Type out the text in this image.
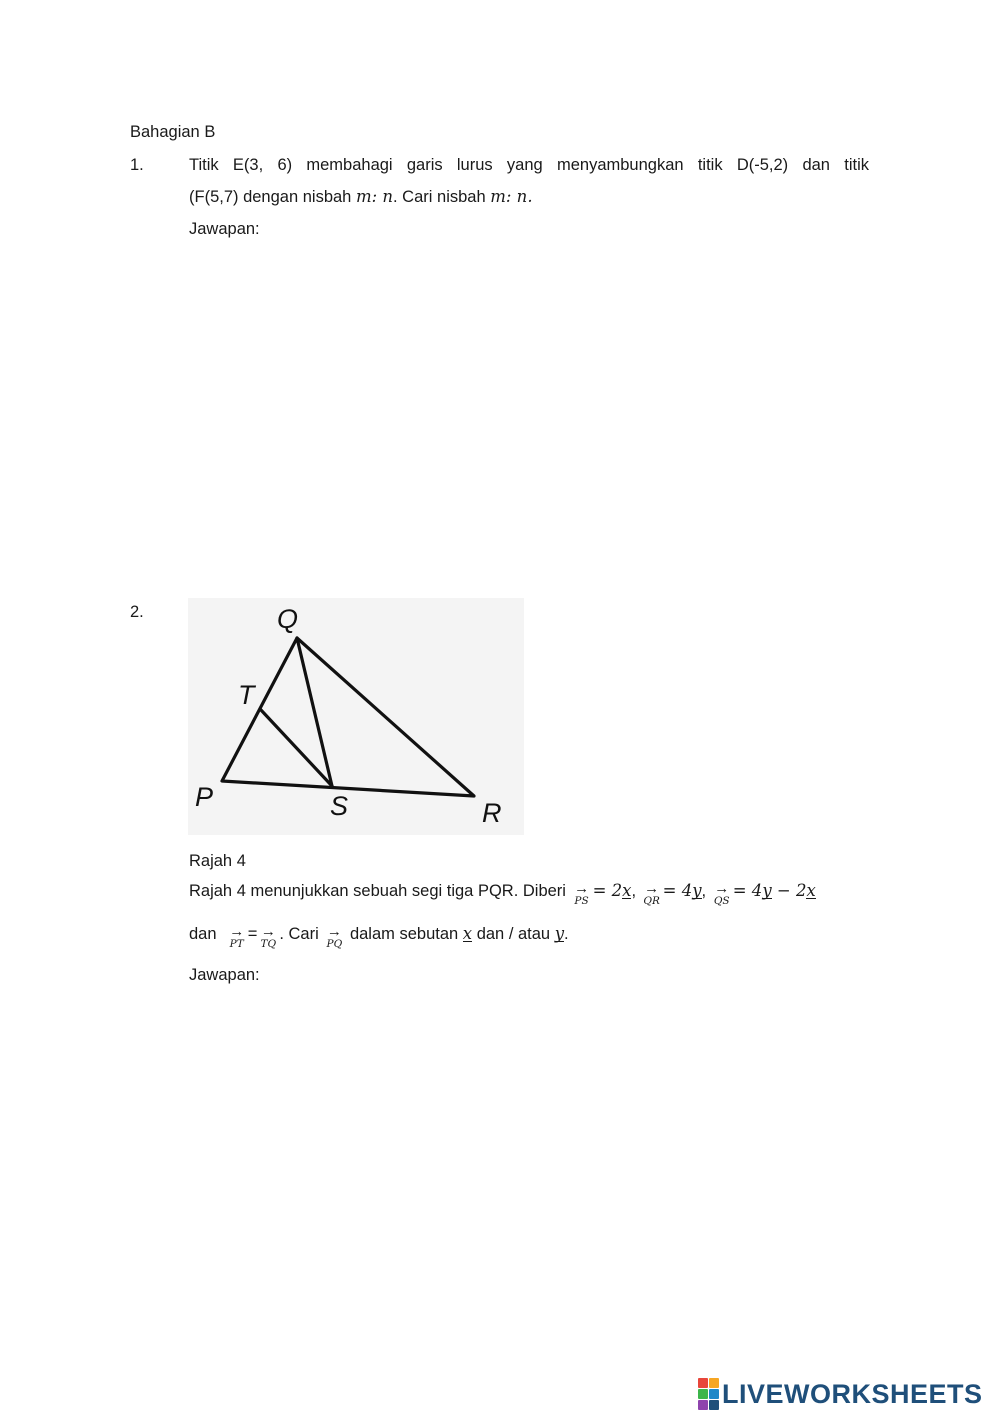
Bahagian B
1.	Titik E(3, 6) membahagi garis lurus yang menyambungkan titik D(-5,2) dan titik
(F(5,7) dengan nisbah m: n. Cari nisbah m: n.
Jawapan:
2.	Q
T
P	S	R
Rajah 4
Rajah 4 menunjukkan sebuah segi tiga PQR. Diberi →
PS
= 2x, →
QR
= 4y, →
QS
= 4y − 2x
dan →
PT
= →
TQ
. Cari →
PQ
dalam sebutan x dan / atau y.
Jawapan:
LIVEWORKSHEETS
